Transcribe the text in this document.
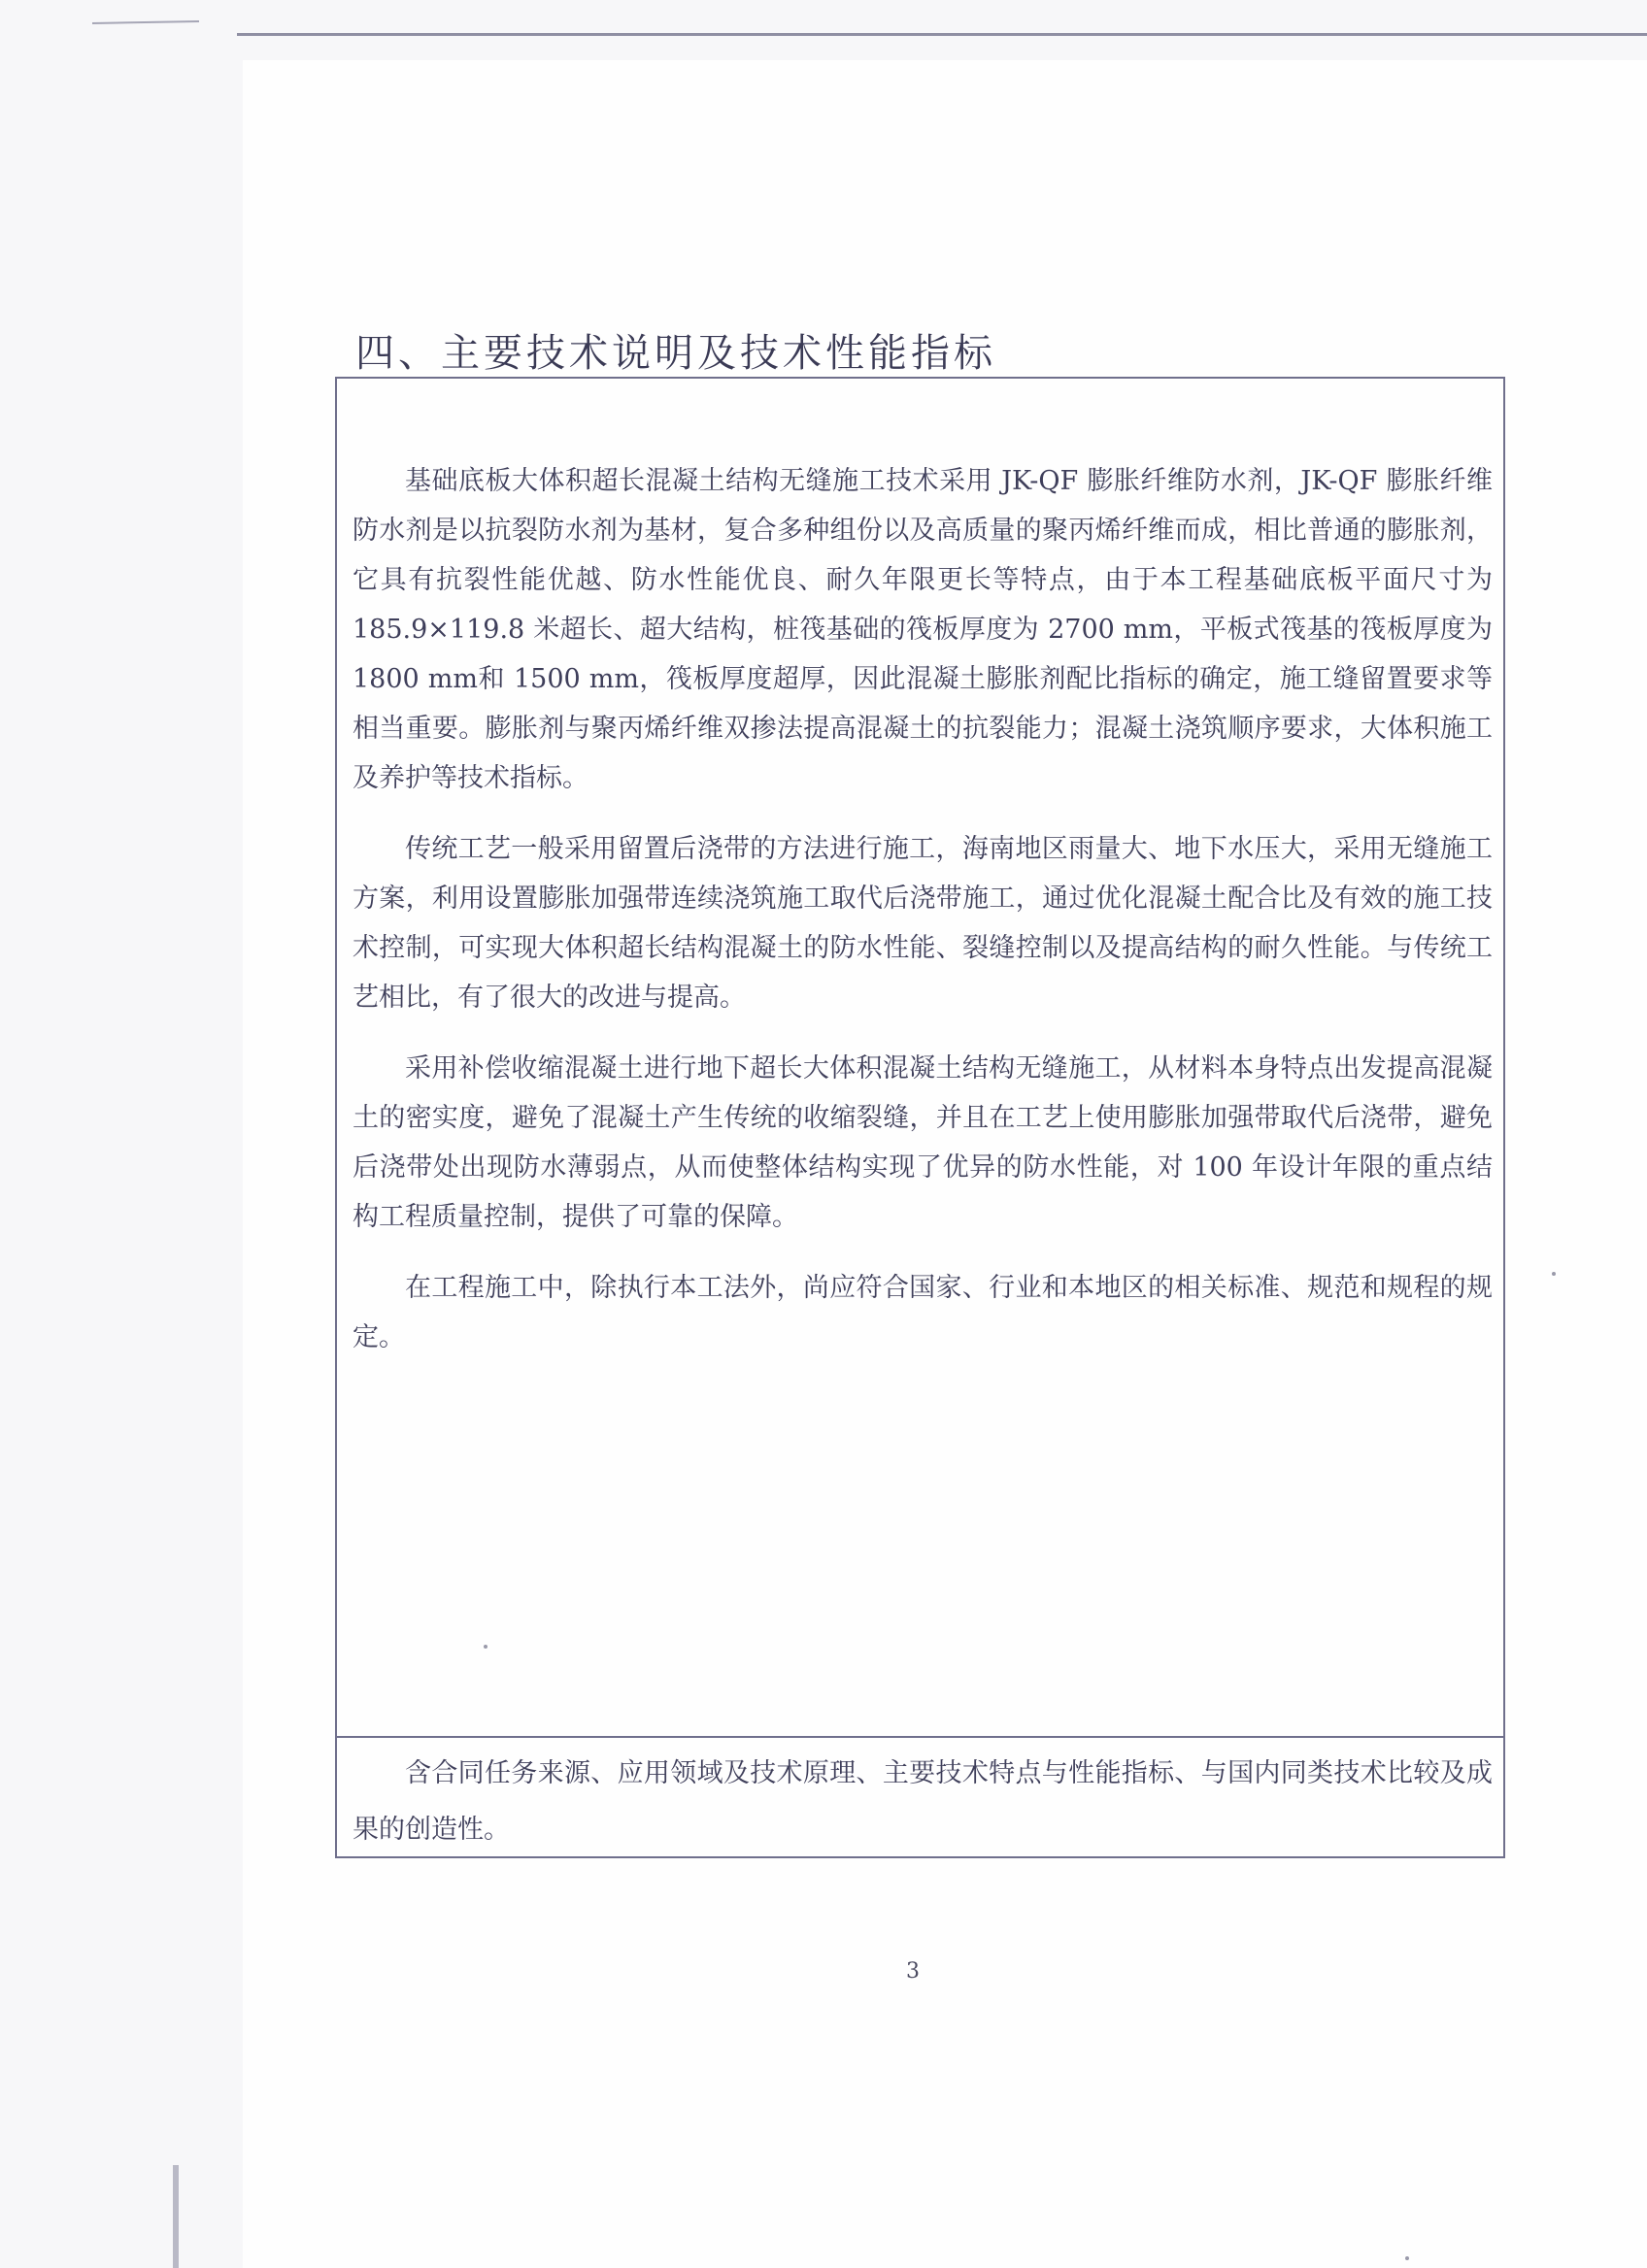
四、主要技术说明及技术性能指标

基础底板大体积超长混凝土结构无缝施工技术采用 JK-QF 膨胀纤维防水剂，JK-QF 膨胀纤维防水剂是以抗裂防水剂为基材，复合多种组份以及高质量的聚丙烯纤维而成，相比普通的膨胀剂，它具有抗裂性能优越、防水性能优良、耐久年限更长等特点，由于本工程基础底板平面尺寸为 185.9×119.8 米超长、超大结构，桩筏基础的筏板厚度为 2700 mm，平板式筏基的筏板厚度为 1800 mm和 1500 mm，筏板厚度超厚，因此混凝土膨胀剂配比指标的确定，施工缝留置要求等相当重要。膨胀剂与聚丙烯纤维双掺法提高混凝土的抗裂能力；混凝土浇筑顺序要求，大体积施工及养护等技术指标。

传统工艺一般采用留置后浇带的方法进行施工，海南地区雨量大、地下水压大，采用无缝施工方案，利用设置膨胀加强带连续浇筑施工取代后浇带施工，通过优化混凝土配合比及有效的施工技术控制，可实现大体积超长结构混凝土的防水性能、裂缝控制以及提高结构的耐久性能。与传统工艺相比，有了很大的改进与提高。

采用补偿收缩混凝土进行地下超长大体积混凝土结构无缝施工，从材料本身特点出发提高混凝土的密实度，避免了混凝土产生传统的收缩裂缝，并且在工艺上使用膨胀加强带取代后浇带，避免后浇带处出现防水薄弱点，从而使整体结构实现了优异的防水性能，对 100 年设计年限的重点结构工程质量控制，提供了可靠的保障。

在工程施工中，除执行本工法外，尚应符合国家、行业和本地区的相关标准、规范和规程的规定。

含合同任务来源、应用领域及技术原理、主要技术特点与性能指标、与国内同类技术比较及成果的创造性。

3
